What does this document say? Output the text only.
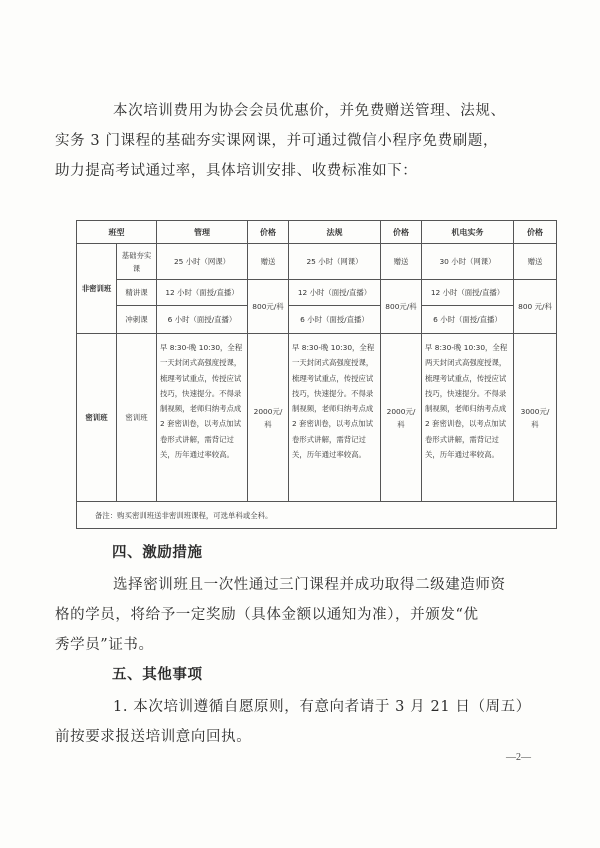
本次培训费用为协会会员优惠价，并免费赠送管理、法规、
实务 3 门课程的基础夯实课网课，并可通过微信小程序免费刷题，
助力提高考试通过率，具体培训安排、收费标准如下：

班型		管理	价格	法规	价格	机电实务	价格
非密训班	基础夯实课	25 小时（网课）	赠送	25 小时（网课）	赠送	30 小时（网课）	赠送
	精讲课	12 小时（面授/直播）	800元/科	12 小时（面授/直播）	800元/科	12 小时（面授/直播）	800 元/科
	冲刺课	6 小时（面授/直播）		6 小时（面授/直播）		6 小时（面授/直播）	
密训班	密训班	早 8:30-晚 10:30，全程一天封闭式高强度授课，梳理考试重点，传授应试技巧，快速提分。不得录制视频，老师归纳考点成 2 套密训卷，以考点加试卷形式讲解，需背记过关，历年通过率较高。	2000元/科	早 8:30-晚 10:30，全程一天封闭式高强度授课，梳理考试重点，传授应试技巧，快速提分。不得录制视频，老师归纳考点成 2 套密训卷，以考点加试卷形式讲解，需背记过关，历年通过率较高。	2000元/科	早 8:30-晚 10:30，全程两天封闭式高强度授课，梳理考试重点，传授应试技巧，快速提分。不得录制视频，老师归纳考点成 2 套密训卷，以考点加试卷形式讲解，需背记过关，历年通过率较高。	3000元/科
备注：购买密训班送非密训班课程，可选单科或全科。							

四、激励措施

选择密训班且一次性通过三门课程并成功取得二级建造师资
格的学员，将给予一定奖励（具体金额以通知为准），并颁发“优
秀学员”证书。

五、其他事项

1. 本次培训遵循自愿原则，有意向者请于 3 月 21 日（周五）
前按要求报送培训意向回执。

—2—
